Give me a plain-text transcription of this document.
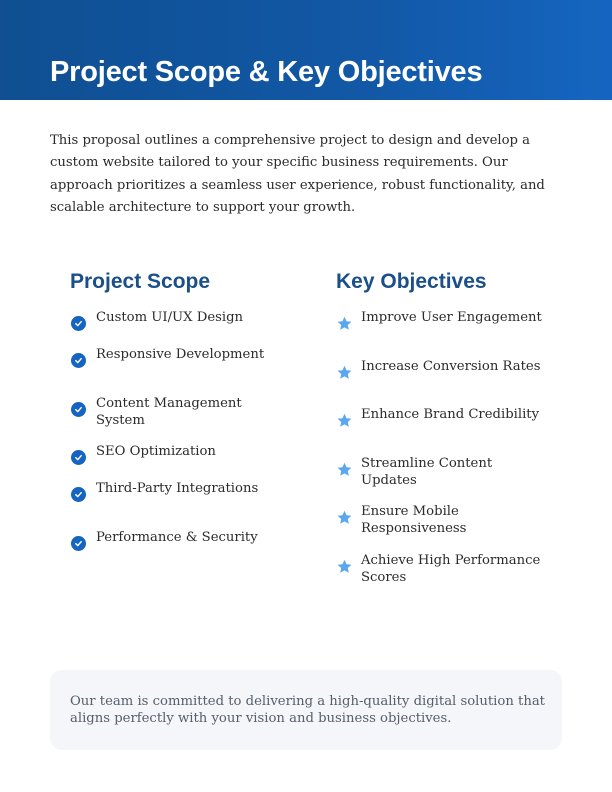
Project Scope & Key Objectives

This proposal outlines a comprehensive project to design and develop a custom website tailored to your specific business requirements. Our approach prioritizes a seamless user experience, robust functionality, and scalable architecture to support your growth.

Project Scope
Custom UI/UX Design
Responsive Development
Content Management System
SEO Optimization
Third-Party Integrations
Performance & Security
Key Objectives
Improve User Engagement
Increase Conversion Rates
Enhance Brand Credibility
Streamline Content Updates
Ensure Mobile Responsiveness
Achieve High Performance Scores

Our team is committed to delivering a high-quality digital solution that aligns perfectly with your vision and business objectives.
